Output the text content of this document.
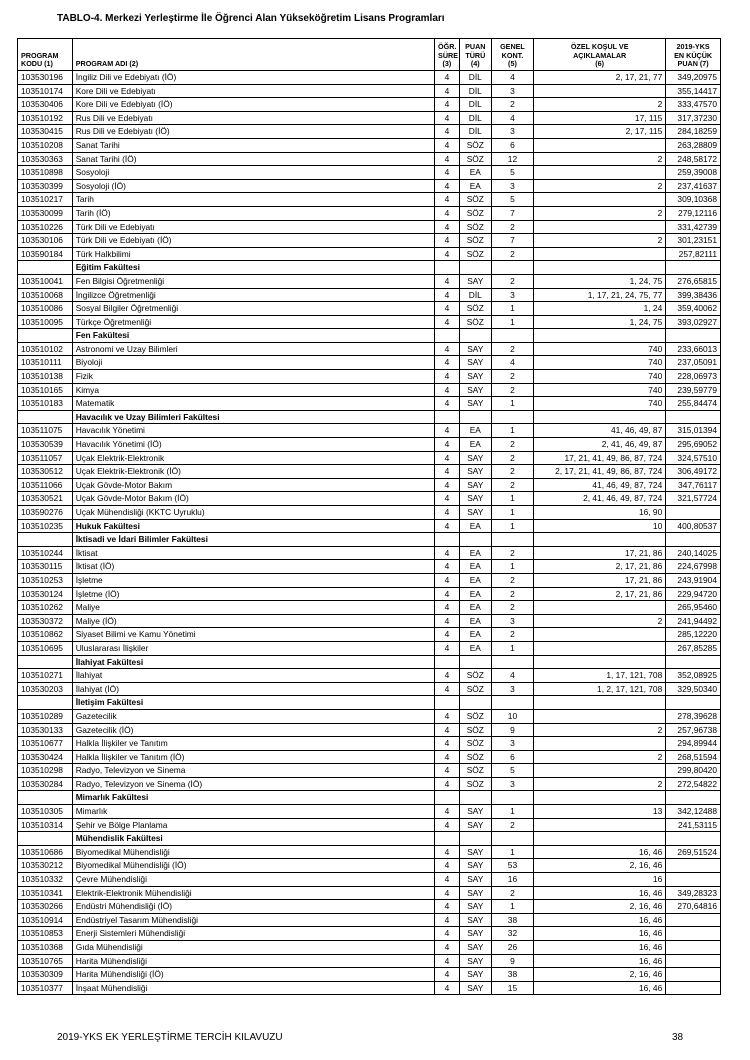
TABLO-4. Merkezi Yerleştirme İle Öğrenci Alan Yükseköğretim Lisans Programları
PROGRAM
KODU (1)	PROGRAM ADI (2)	ÖĞR.
SÜRE
(3)	PUAN
TÜRÜ
(4)	GENEL
KONT.
(5)	ÖZEL KOŞUL VE
AÇIKLAMALAR
(6)	2019-YKS
EN KÜÇÜK
PUAN (7)
103530196	İngiliz Dili ve Edebiyatı (İÖ)	4	DİL	4	2, 17, 21, 77	349,20975
103510174	Kore Dili ve Edebiyatı	4	DİL	3		355,14417
103530406	Kore Dili ve Edebiyatı (İÖ)	4	DİL	2	2	333,47570
103510192	Rus Dili ve Edebiyatı	4	DİL	4	17, 115	317,37230
103530415	Rus Dili ve Edebiyatı (İÖ)	4	DİL	3	2, 17, 115	284,18259
103510208	Sanat Tarihi	4	SÖZ	6		263,28809
103530363	Sanat Tarihi (İÖ)	4	SÖZ	12	2	248,58172
103510898	Sosyoloji	4	EA	5		259,39008
103530399	Sosyoloji (İÖ)	4	EA	3	2	237,41637
103510217	Tarih	4	SÖZ	5		309,10368
103530099	Tarih (İÖ)	4	SÖZ	7	2	279,12116
103510226	Türk Dili ve Edebiyatı	4	SÖZ	2		331,42739
103530106	Türk Dili ve Edebiyatı (İÖ)	4	SÖZ	7	2	301,23151
103590184	Türk Halkbilimi	4	SÖZ	2		257,82111
	Eğitim Fakültesi					
103510041	Fen Bilgisi Öğretmenliği	4	SAY	2	1, 24, 75	276,65815
103510068	İngilizce Öğretmenliği	4	DİL	3	1, 17, 21, 24, 75, 77	399,38436
103510086	Sosyal Bilgiler Öğretmenliği	4	SÖZ	1	1, 24	359,40062
103510095	Türkçe Öğretmenliği	4	SÖZ	1	1, 24, 75	393,02927
	Fen Fakültesi					
103510102	Astronomi ve Uzay Bilimleri	4	SAY	2	740	233,66013
103510111	Biyoloji	4	SAY	4	740	237,05091
103510138	Fizik	4	SAY	2	740	228,06973
103510165	Kimya	4	SAY	2	740	239,59779
103510183	Matematik	4	SAY	1	740	255,84474
	Havacılık ve Uzay Bilimleri Fakültesi					
103511075	Havacılık Yönetimi	4	EA	1	41, 46, 49, 87	315,01394
103530539	Havacılık Yönetimi (İÖ)	4	EA	2	2, 41, 46, 49, 87	295,69052
103511057	Uçak Elektrik-Elektronik	4	SAY	2	17, 21, 41, 49, 86, 87, 724	324,57510
103530512	Uçak Elektrik-Elektronik (İÖ)	4	SAY	2	2, 17, 21, 41, 49, 86, 87, 724	306,49172
103511066	Uçak Gövde-Motor Bakım	4	SAY	2	41, 46, 49, 87, 724	347,76117
103530521	Uçak Gövde-Motor Bakım (İÖ)	4	SAY	1	2, 41, 46, 49, 87, 724	321,57724
103590276	Uçak Mühendisliği (KKTC Uyruklu)	4	SAY	1	16, 90	
103510235	Hukuk Fakültesi	4	EA	1	10	400,80537
	İktisadi ve İdari Bilimler Fakültesi					
103510244	İktisat	4	EA	2	17, 21, 86	240,14025
103530115	İktisat (İÖ)	4	EA	1	2, 17, 21, 86	224,67998
103510253	İşletme	4	EA	2	17, 21, 86	243,91904
103530124	İşletme (İÖ)	4	EA	2	2, 17, 21, 86	229,94720
103510262	Maliye	4	EA	2		265,95460
103530372	Maliye (İÖ)	4	EA	3	2	241,94492
103510862	Siyaset Bilimi ve Kamu Yönetimi	4	EA	2		285,12220
103510695	Uluslararası İlişkiler	4	EA	1		267,85285
	İlahiyat Fakültesi					
103510271	İlahiyat	4	SÖZ	4	1, 17, 121, 708	352,08925
103530203	İlahiyat (İÖ)	4	SÖZ	3	1, 2, 17, 121, 708	329,50340
	İletişim Fakültesi					
103510289	Gazetecilik	4	SÖZ	10		278,39628
103530133	Gazetecilik (İÖ)	4	SÖZ	9	2	257,96738
103510677	Halkla İlişkiler ve Tanıtım	4	SÖZ	3		294,89944
103530424	Halkla İlişkiler ve Tanıtım (İÖ)	4	SÖZ	6	2	268,51594
103510298	Radyo, Televizyon ve Sinema	4	SÖZ	5		299,80420
103530284	Radyo, Televizyon ve Sinema (İÖ)	4	SÖZ	3	2	272,54822
	Mimarlık Fakültesi					
103510305	Mimarlık	4	SAY	1	13	342,12488
103510314	Şehir ve Bölge Planlama	4	SAY	2		241,53115
	Mühendislik Fakültesi					
103510686	Biyomedikal Mühendisliği	4	SAY	1	16, 46	269,51524
103530212	Biyomedikal Mühendisliği (İÖ)	4	SAY	53	2, 16, 46	
103510332	Çevre Mühendisliği	4	SAY	16	16	
103510341	Elektrik-Elektronik Mühendisliği	4	SAY	2	16, 46	349,28323
103530266	Endüstri Mühendisliği (İÖ)	4	SAY	1	2, 16, 46	270,64816
103510914	Endüstriyel Tasarım Mühendisliği	4	SAY	38	16, 46	
103510853	Enerji Sistemleri Mühendisliği	4	SAY	32	16, 46	
103510368	Gıda Mühendisliği	4	SAY	26	16, 46	
103510765	Harita Mühendisliği	4	SAY	9	16, 46	
103530309	Harita Mühendisliği (İÖ)	4	SAY	38	2, 16, 46	
103510377	İnşaat Mühendisliği	4	SAY	15	16, 46	
2019-YKS EK YERLEŞTİRME TERCİH KILAVUZU	38
